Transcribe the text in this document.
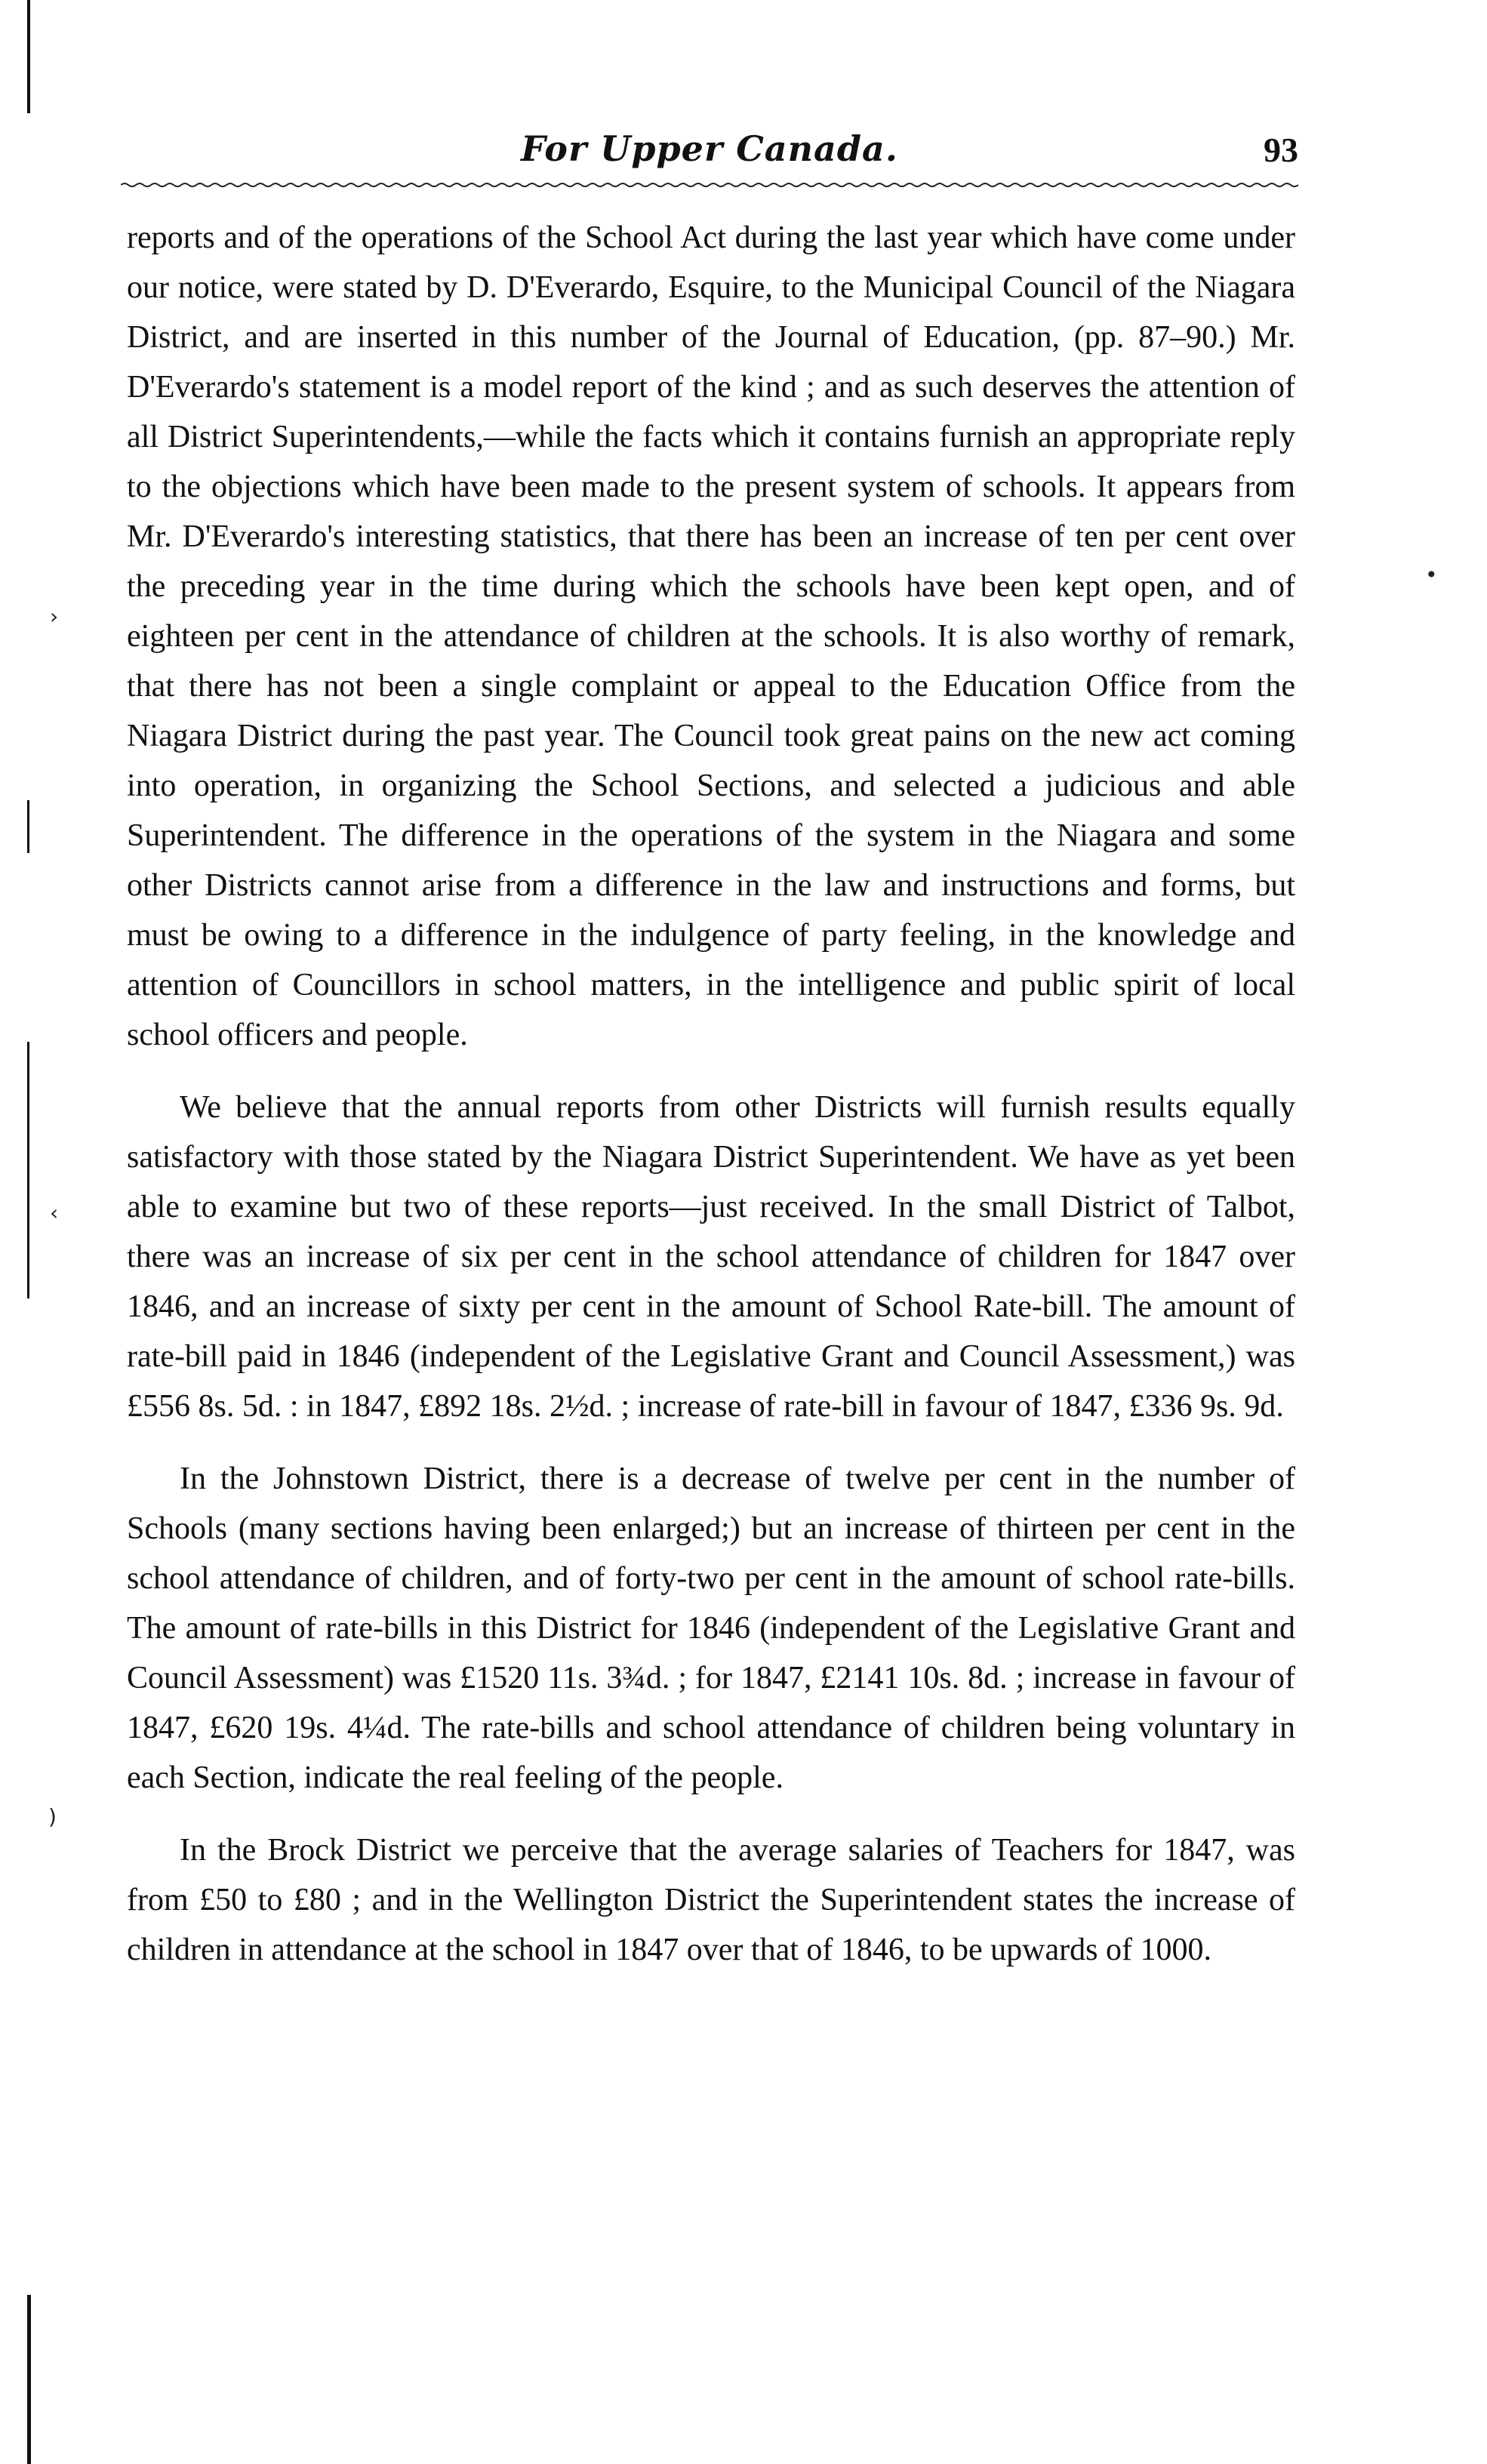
›
‹
)
•
For Upper Canada.	93

reports and of the operations of the School Act during the last year which have come under our notice, were stated by D. D'Everardo, Esquire, to the Municipal Council of the Niagara District, and are inserted in this number of the Journal of Education, (pp. 87–90.) Mr. D'Everardo's statement is a model report of the kind ; and as such deserves the attention of all District Superintendents,—while the facts which it contains furnish an appropriate reply to the objections which have been made to the present system of schools. It appears from Mr. D'Everardo's interesting statistics, that there has been an increase of ten per cent over the preceding year in the time during which the schools have been kept open, and of eighteen per cent in the attendance of children at the schools. It is also worthy of remark, that there has not been a single complaint or appeal to the Education Office from the Niagara District during the past year. The Council took great pains on the new act coming into operation, in organizing the School Sections, and selected a judicious and able Superintendent. The difference in the operations of the system in the Niagara and some other Districts cannot arise from a difference in the law and instructions and forms, but must be owing to a difference in the indulgence of party feeling, in the knowledge and attention of Councillors in school matters, in the intelligence and public spirit of local school officers and people.

We believe that the annual reports from other Districts will furnish results equally satisfactory with those stated by the Niagara District Superintendent. We have as yet been able to examine but two of these reports—just received. In the small District of Talbot, there was an increase of six per cent in the school attendance of children for 1847 over 1846, and an increase of sixty per cent in the amount of School Rate-bill. The amount of rate-bill paid in 1846 (independent of the Legislative Grant and Council Assessment,) was £556 8s. 5d. : in 1847, £892 18s. 2½d. ; increase of rate-bill in favour of 1847, £336 9s. 9d.

In the Johnstown District, there is a decrease of twelve per cent in the number of Schools (many sections having been enlarged;) but an increase of thirteen per cent in the school attendance of children, and of forty-two per cent in the amount of school rate-bills. The amount of rate-bills in this District for 1846 (independent of the Legislative Grant and Council Assessment) was £1520 11s. 3¾d. ; for 1847, £2141 10s. 8d. ; increase in favour of 1847, £620 19s. 4¼d. The rate-bills and school attendance of children being voluntary in each Section, indicate the real feeling of the people.

In the Brock District we perceive that the average salaries of Teachers for 1847, was from £50 to £80 ; and in the Wellington District the Superintendent states the increase of children in attendance at the school in 1847 over that of 1846, to be upwards of 1000.
